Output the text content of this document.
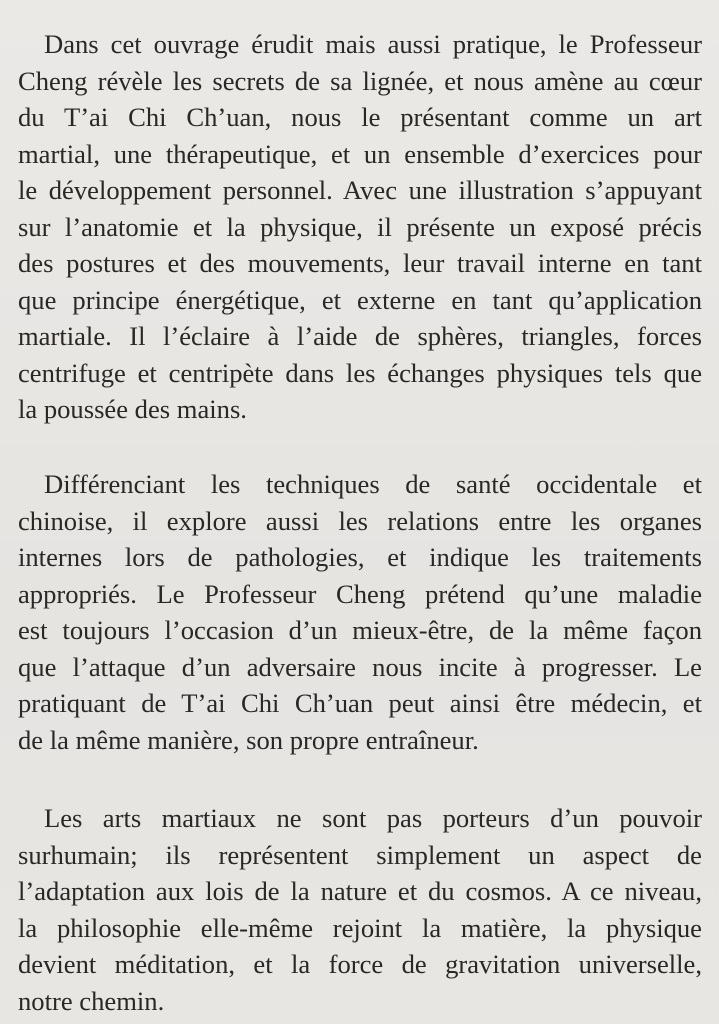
Dans cet ouvrage érudit mais aussi pratique, le Professeur
Cheng révèle les secrets de sa lignée, et nous amène au cœur
du T’ai Chi Ch’uan, nous le présentant comme un art
martial, une thérapeutique, et un ensemble d’exercices pour
le développement personnel. Avec une illustration s’appuyant
sur l’anatomie et la physique, il présente un exposé précis
des postures et des mouvements, leur travail interne en tant
que principe énergétique, et externe en tant qu’application
martiale. Il l’éclaire à l’aide de sphères, triangles, forces
centrifuge et centripète dans les échanges physiques tels que
la poussée des mains.

Différenciant les techniques de santé occidentale et
chinoise, il explore aussi les relations entre les organes
internes lors de pathologies, et indique les traitements
appropriés. Le Professeur Cheng prétend qu’une maladie
est toujours l’occasion d’un mieux-être, de la même façon
que l’attaque d’un adversaire nous incite à progresser. Le
pratiquant de T’ai Chi Ch’uan peut ainsi être médecin, et
de la même manière, son propre entraîneur.

Les arts martiaux ne sont pas porteurs d’un pouvoir
surhumain; ils représentent simplement un aspect de
l’adaptation aux lois de la nature et du cosmos. A ce niveau,
la philosophie elle-même rejoint la matière, la physique
devient méditation, et la force de gravitation universelle,
notre chemin.
